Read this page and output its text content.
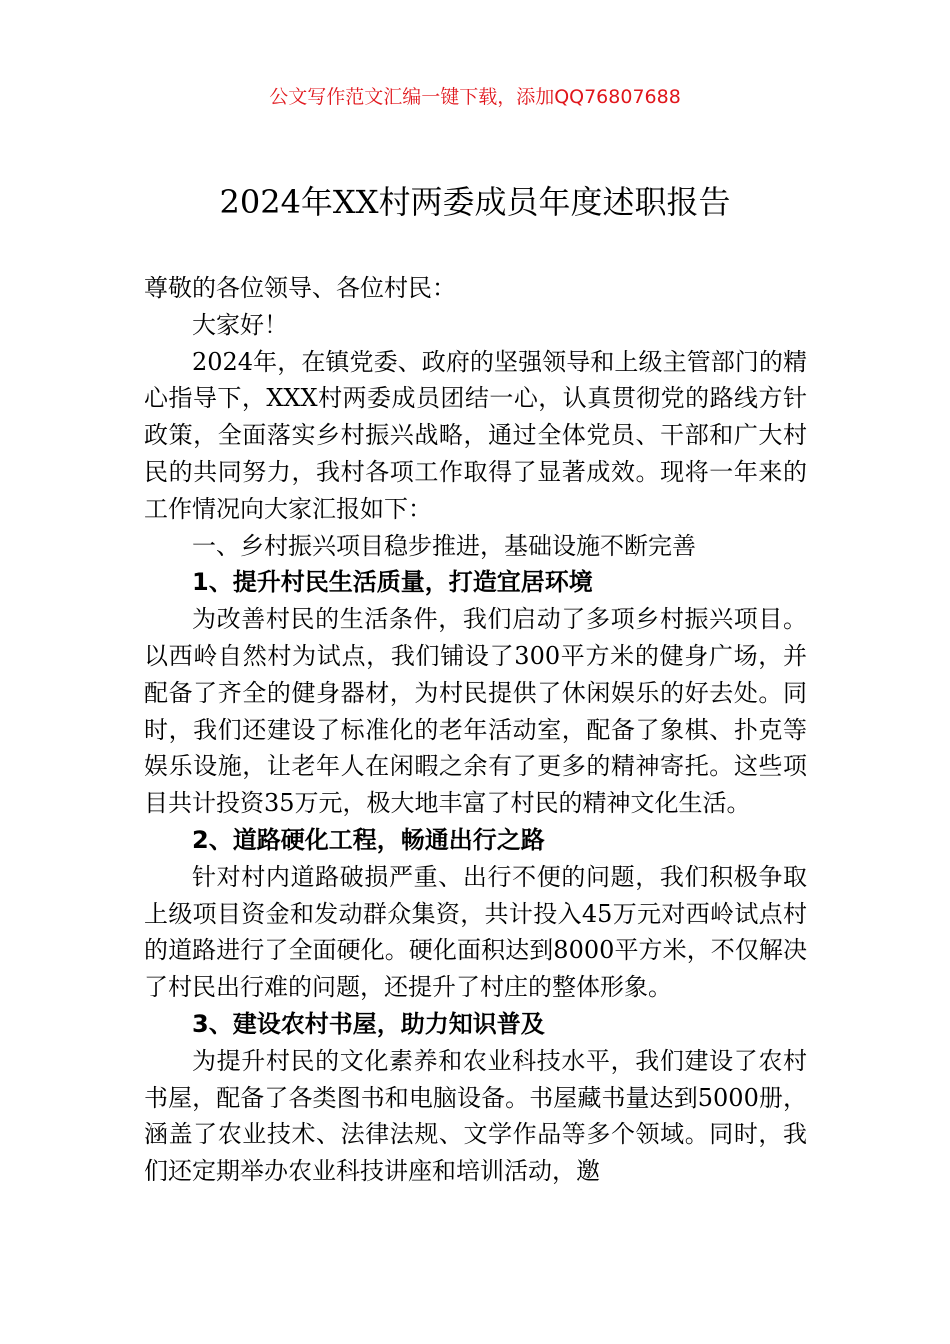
公文写作范文汇编一键下载，添加QQ76807688
2024年XX村两委成员年度述职报告

尊敬的各位领导、各位村民：

大家好！

2024年，在镇党委、政府的坚强领导和上级主管部门的精心指导下，XXX村两委成员团结一心，认真贯彻党的路线方针政策，全面落实乡村振兴战略，通过全体党员、干部和广大村民的共同努力，我村各项工作取得了显著成效。现将一年来的工作情况向大家汇报如下：

一、乡村振兴项目稳步推进，基础设施不断完善

1、提升村民生活质量，打造宜居环境

为改善村民的生活条件，我们启动了多项乡村振兴项目。以西岭自然村为试点，我们铺设了300平方米的健身广场，并配备了齐全的健身器材，为村民提供了休闲娱乐的好去处。同时，我们还建设了标准化的老年活动室，配备了象棋、扑克等娱乐设施，让老年人在闲暇之余有了更多的精神寄托。这些项目共计投资35万元，极大地丰富了村民的精神文化生活。

2、道路硬化工程，畅通出行之路

针对村内道路破损严重、出行不便的问题，我们积极争取上级项目资金和发动群众集资，共计投入45万元对西岭试点村的道路进行了全面硬化。硬化面积达到8000平方米，不仅解决了村民出行难的问题，还提升了村庄的整体形象。

3、建设农村书屋，助力知识普及

为提升村民的文化素养和农业科技水平，我们建设了农村书屋，配备了各类图书和电脑设备。书屋藏书量达到5000册，涵盖了农业技术、法律法规、文学作品等多个领域。同时，我们还定期举办农业科技讲座和培训活动，邀
